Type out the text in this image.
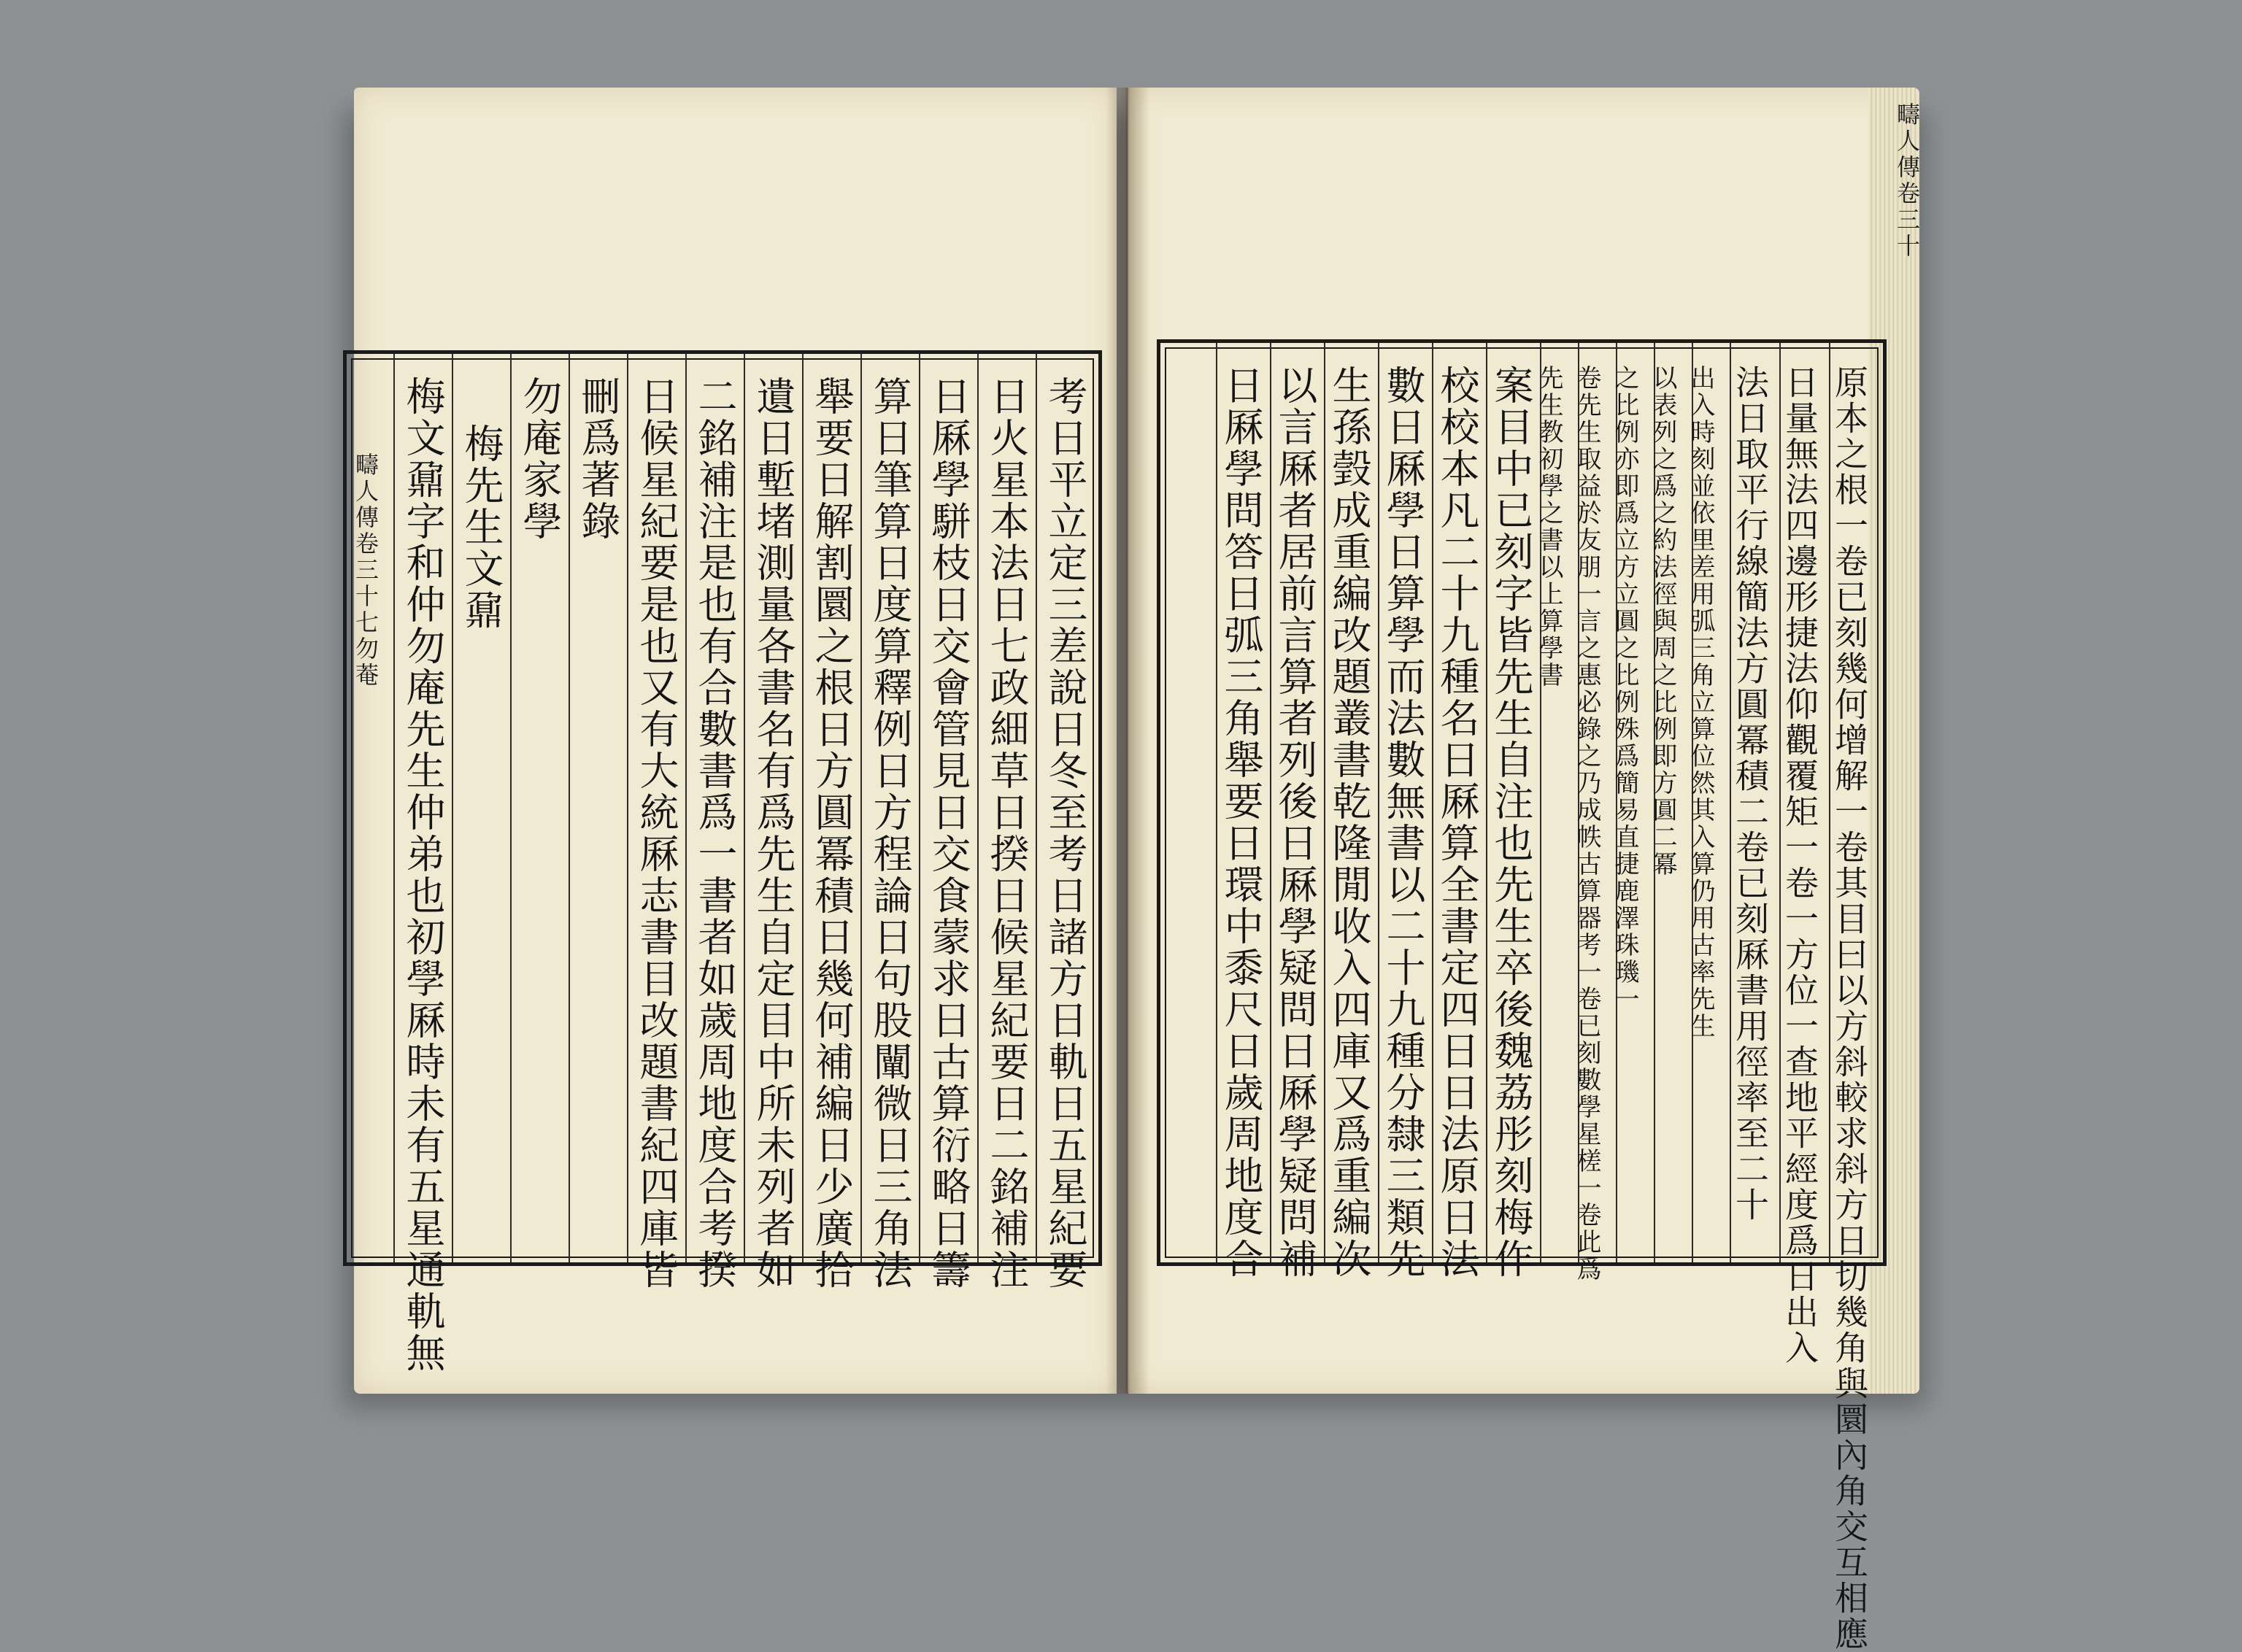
疇人傳卷三十七勿菴
疇人傳卷三十
考日平立定三差說日冬至考日諸方日軌日五星紀要
日火星本法日七政細草日揆日候星紀要日二銘補注
日厤學駢枝日交會管見日交食蒙求日古算衍略日籌
算日筆算日度算釋例日方程論日句股闡微日三角法
舉要日解割圜之根日方圓冪積日幾何補編日少廣拾
遺日塹堵測量各書名有爲先生自定目中所未列者如
二銘補注是也有合數書爲一書者如歲周地度合考揆
日候星紀要是也又有大統厤志書目改題書紀四庫皆
刪爲著錄
勿庵家學
梅先生文鼐
梅文鼐字和仲勿庵先生仲弟也初學厤時未有五星通軌無	原本之根一卷已刻幾何增解一卷其目曰以方斜較求斜方日切幾角與圜內角交互相應
日量無法四邊形捷法仰觀覆矩一卷一方位一查地平經度爲日出入
法日取平行線簡法方圓冪積二卷已刻厤書用徑率至二十
出入時刻並依里差用弧三角立算位然其入算仍用古率先生
以表列之爲之約法徑與周之比例即方圓二冪
之比例亦即爲立方立圓之比例殊爲簡易直捷鹿澤珠璣一
卷先生取益於友朋一言之惠必錄之乃成帙古算器考一卷已刻數學星槎一卷此爲
先生教初學之書以上算學書
案目中已刻字皆先生自注也先生卒後魏荔彤刻梅作
校校本凡二十九種名日厤算全書定四日日法原日法
數日厤學日算學而法數無書以二十九種分隸三類先
生孫瑴成重編改題叢書乾隆閒收入四庫又爲重編次
以言厤者居前言算者列後日厤學疑問日厤學疑問補
日厤學問答日弧三角舉要日環中黍尺日歲周地度合
